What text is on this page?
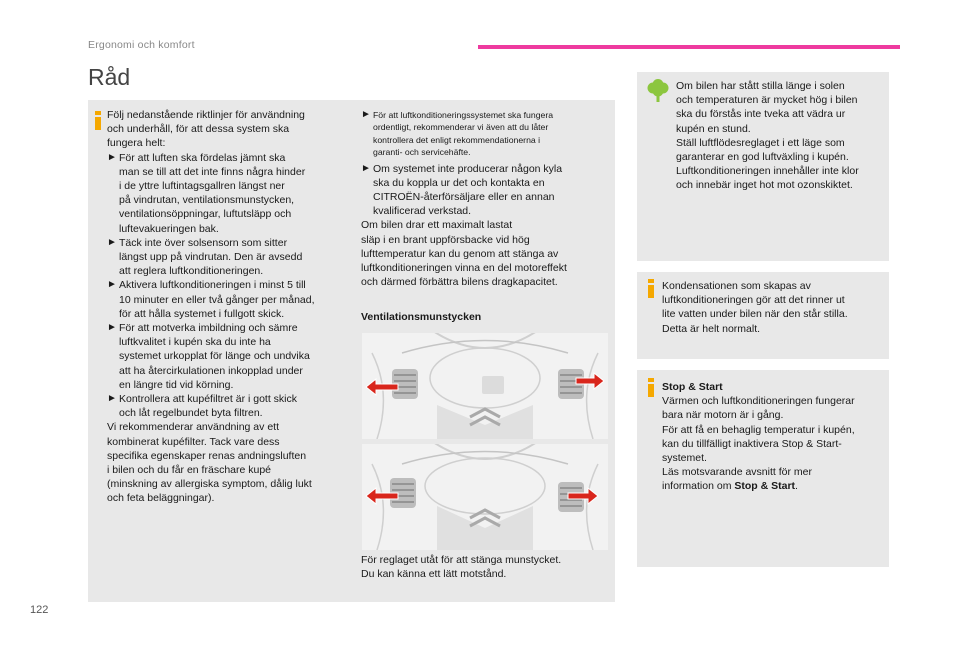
Ergonomi och komfort
Råd

Följ nedanstående riktlinjer för användning

och underhåll, för att dessa system ska

fungera helt:

► För att luften ska fördelas jämnt ska

man se till att det inte finns några hinder

i de yttre luftintagsgallren längst ner

på vindrutan, ventilationsmunstycken,

ventilationsöppningar, luftutsläpp och

luftevakueringen bak.

► Täck inte över solsensorn som sitter

längst upp på vindrutan. Den är avsedd

att reglera luftkonditioneringen.

► Aktivera luftkonditioneringen i minst 5 till

10 minuter en eller två gånger per månad,

för att hålla systemet i fullgott skick.

► För att motverka imbildning och sämre

luftkvalitet i kupén ska du inte ha

systemet urkopplat för länge och undvika

att ha återcirkulationen inkopplad under

en längre tid vid körning.

► Kontrollera att kupéfiltret är i gott skick

och låt regelbundet byta filtren.

Vi rekommenderar användning av ett

kombinerat kupéfilter. Tack vare dess

specifika egenskaper renas andningsluften

i bilen och du får en fräschare kupé

(minskning av allergiska symptom, dålig lukt

och feta beläggningar).

► För att luftkonditioneringssystemet ska fungera

ordentligt, rekommenderar vi även att du låter

kontrollera det enligt rekommendationerna i

garanti- och servicehäfte.

► Om systemet inte producerar någon kyla

ska du koppla ur det och kontakta en

CITROËN-återförsäljare eller en annan

kvalificerad verkstad.

Om bilen drar ett maximalt lastat

släp i en brant uppförsbacke vid hög

lufttemperatur kan du genom att stänga av

luftkonditioneringen vinna en del motoreffekt

och därmed förbättra bilens dragkapacitet.

Ventilationsmunstycken

För reglaget utåt för att stänga munstycket.

Du kan känna ett lätt motstånd.

Om bilen har stått stilla länge i solen

och temperaturen är mycket hög i bilen

ska du förstås inte tveka att vädra ur

kupén en stund.

Ställ luftflödesreglaget i ett läge som

garanterar en god luftväxling i kupén.

Luftkonditioneringen innehåller inte klor

och innebär inget hot mot ozonskiktet.

Kondensationen som skapas av

luftkonditioneringen gör att det rinner ut

lite vatten under bilen när den står stilla.

Detta är helt normalt.

Stop & Start

Värmen och luftkonditioneringen fungerar

bara när motorn är i gång.

För att få en behaglig temperatur i kupén,

kan du tillfälligt inaktivera Stop & Start-

systemet.

Läs motsvarande avsnitt för mer

information om Stop & Start.

122
